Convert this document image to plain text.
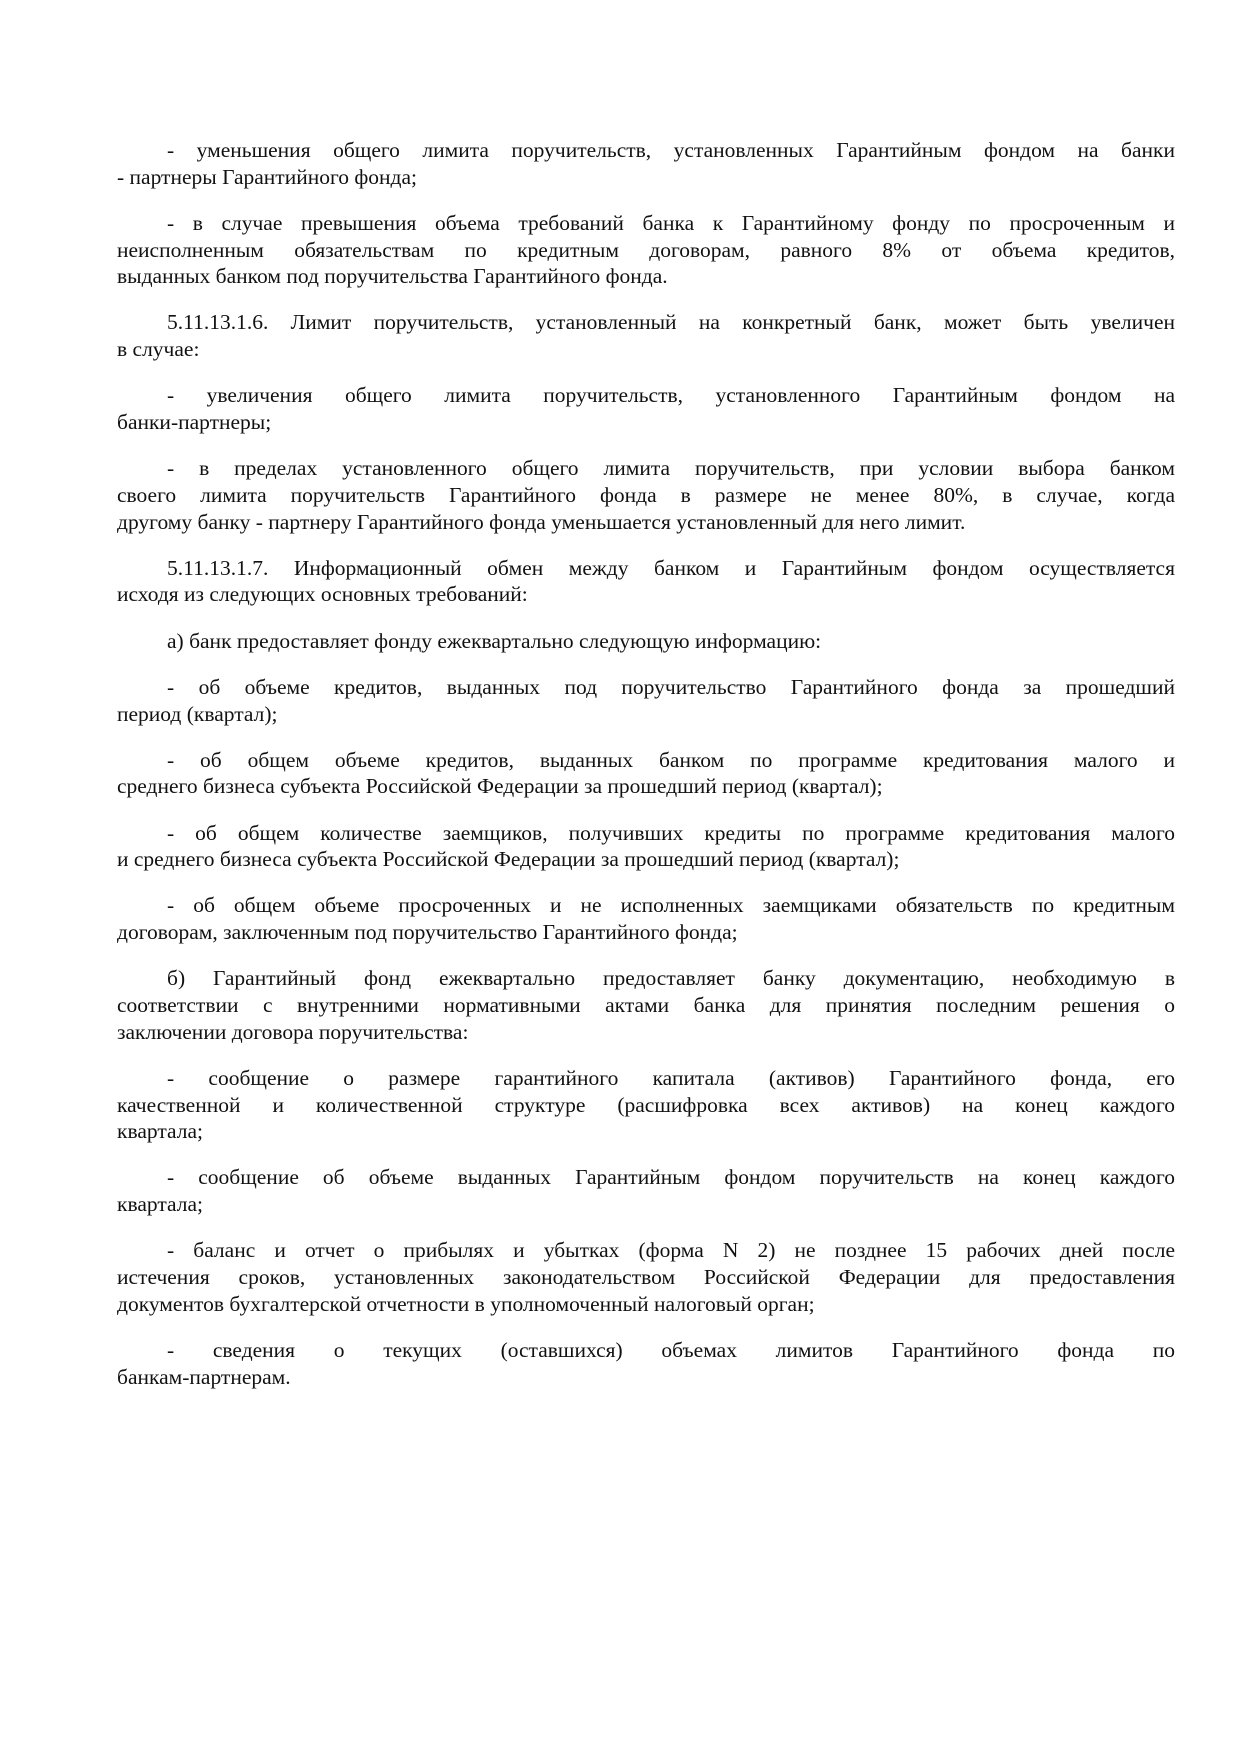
- уменьшения общего лимита поручительств, установленных Гарантийным фондом на банки
- партнеры Гарантийного фонда;
- в случае превышения объема требований банка к Гарантийному фонду по просроченным и
неисполненным обязательствам по кредитным договорам, равного 8% от объема кредитов,
выданных банком под поручительства Гарантийного фонда.
5.11.13.1.6. Лимит поручительств, установленный на конкретный банк, может быть увеличен
в случае:
- увеличения общего лимита поручительств, установленного Гарантийным фондом на
банки-партнеры;
- в пределах установленного общего лимита поручительств, при условии выбора банком
своего лимита поручительств Гарантийного фонда в размере не менее 80%, в случае, когда
другому банку - партнеру Гарантийного фонда уменьшается установленный для него лимит.
5.11.13.1.7. Информационный обмен между банком и Гарантийным фондом осуществляется
исходя из следующих основных требований:
а) банк предоставляет фонду ежеквартально следующую информацию:
- об объеме кредитов, выданных под поручительство Гарантийного фонда за прошедший
период (квартал);
- об общем объеме кредитов, выданных банком по программе кредитования малого и
среднего бизнеса субъекта Российской Федерации за прошедший период (квартал);
- об общем количестве заемщиков, получивших кредиты по программе кредитования малого
и среднего бизнеса субъекта Российской Федерации за прошедший период (квартал);
- об общем объеме просроченных и не исполненных заемщиками обязательств по кредитным
договорам, заключенным под поручительство Гарантийного фонда;
б) Гарантийный фонд ежеквартально предоставляет банку документацию, необходимую в
соответствии с внутренними нормативными актами банка для принятия последним решения о
заключении договора поручительства:
- сообщение о размере гарантийного капитала (активов) Гарантийного фонда, его
качественной и количественной структуре (расшифровка всех активов) на конец каждого
квартала;
- сообщение об объеме выданных Гарантийным фондом поручительств на конец каждого
квартала;
- баланс и отчет о прибылях и убытках (форма N 2) не позднее 15 рабочих дней после
истечения сроков, установленных законодательством Российской Федерации для предоставления
документов бухгалтерской отчетности в уполномоченный налоговый орган;
- сведения о текущих (оставшихся) объемах лимитов Гарантийного фонда по
банкам-партнерам.
